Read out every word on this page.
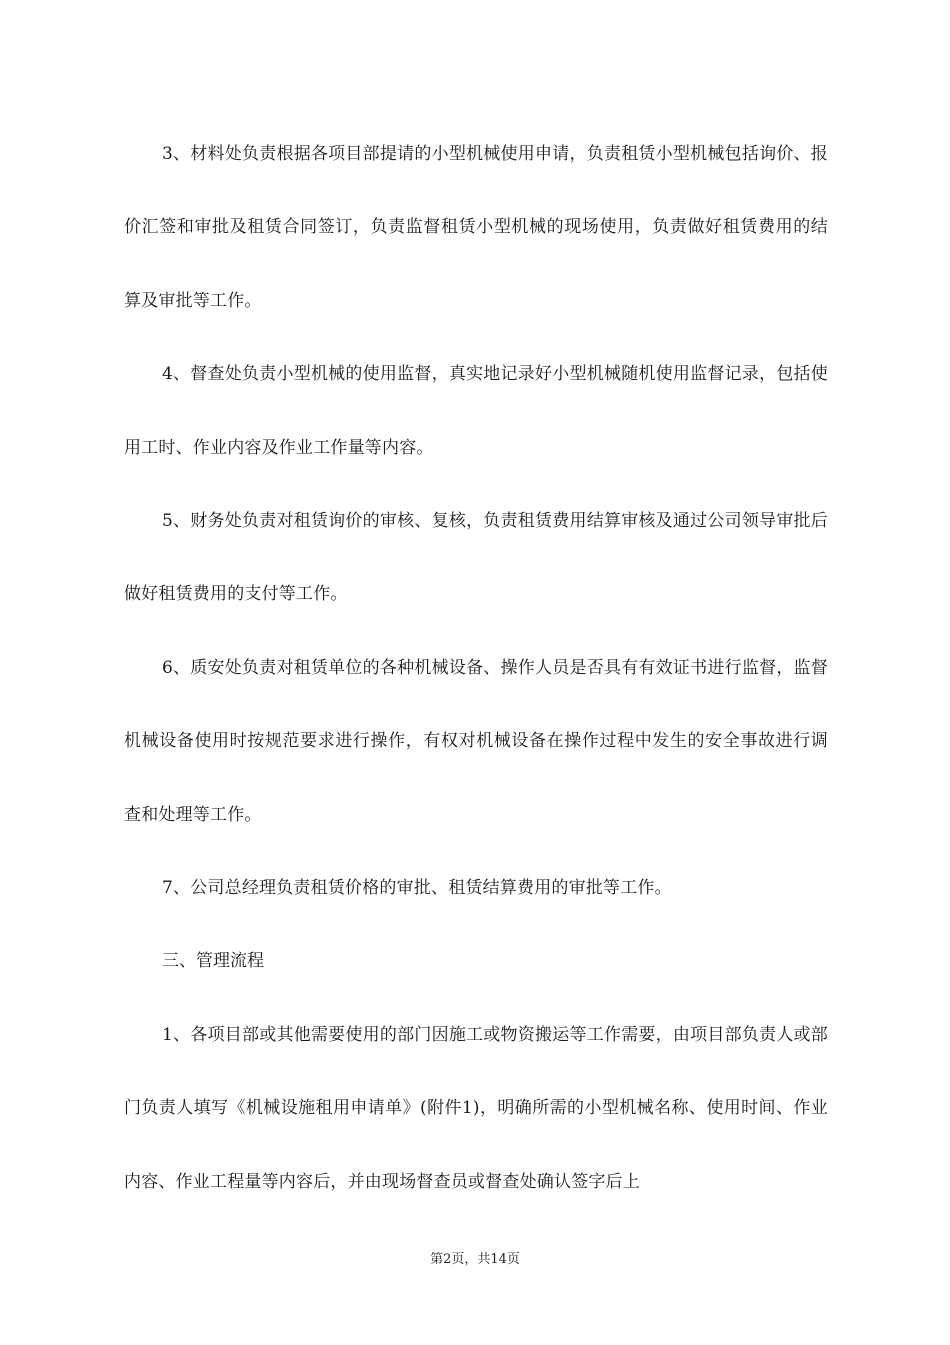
3、材料处负责根据各项目部提请的小型机械使用申请，负责租赁小型机械包括询价、报价汇签和审批及租赁合同签订，负责监督租赁小型机械的现场使用，负责做好租赁费用的结算及审批等工作。

4、督查处负责小型机械的使用监督，真实地记录好小型机械随机使用监督记录，包括使用工时、作业内容及作业工作量等内容。

5、财务处负责对租赁询价的审核、复核，负责租赁费用结算审核及通过公司领导审批后做好租赁费用的支付等工作。

6、质安处负责对租赁单位的各种机械设备、操作人员是否具有有效证书进行监督，监督机械设备使用时按规范要求进行操作，有权对机械设备在操作过程中发生的安全事故进行调查和处理等工作。

7、公司总经理负责租赁价格的审批、租赁结算费用的审批等工作。

三、管理流程

1、各项目部或其他需要使用的部门因施工或物资搬运等工作需要，由项目部负责人或部门负责人填写《机械设施租用申请单》(附件1)，明确所需的小型机械名称、使用时间、作业内容、作业工程量等内容后，并由现场督查员或督查处确认签字后上

第2页，共14页
